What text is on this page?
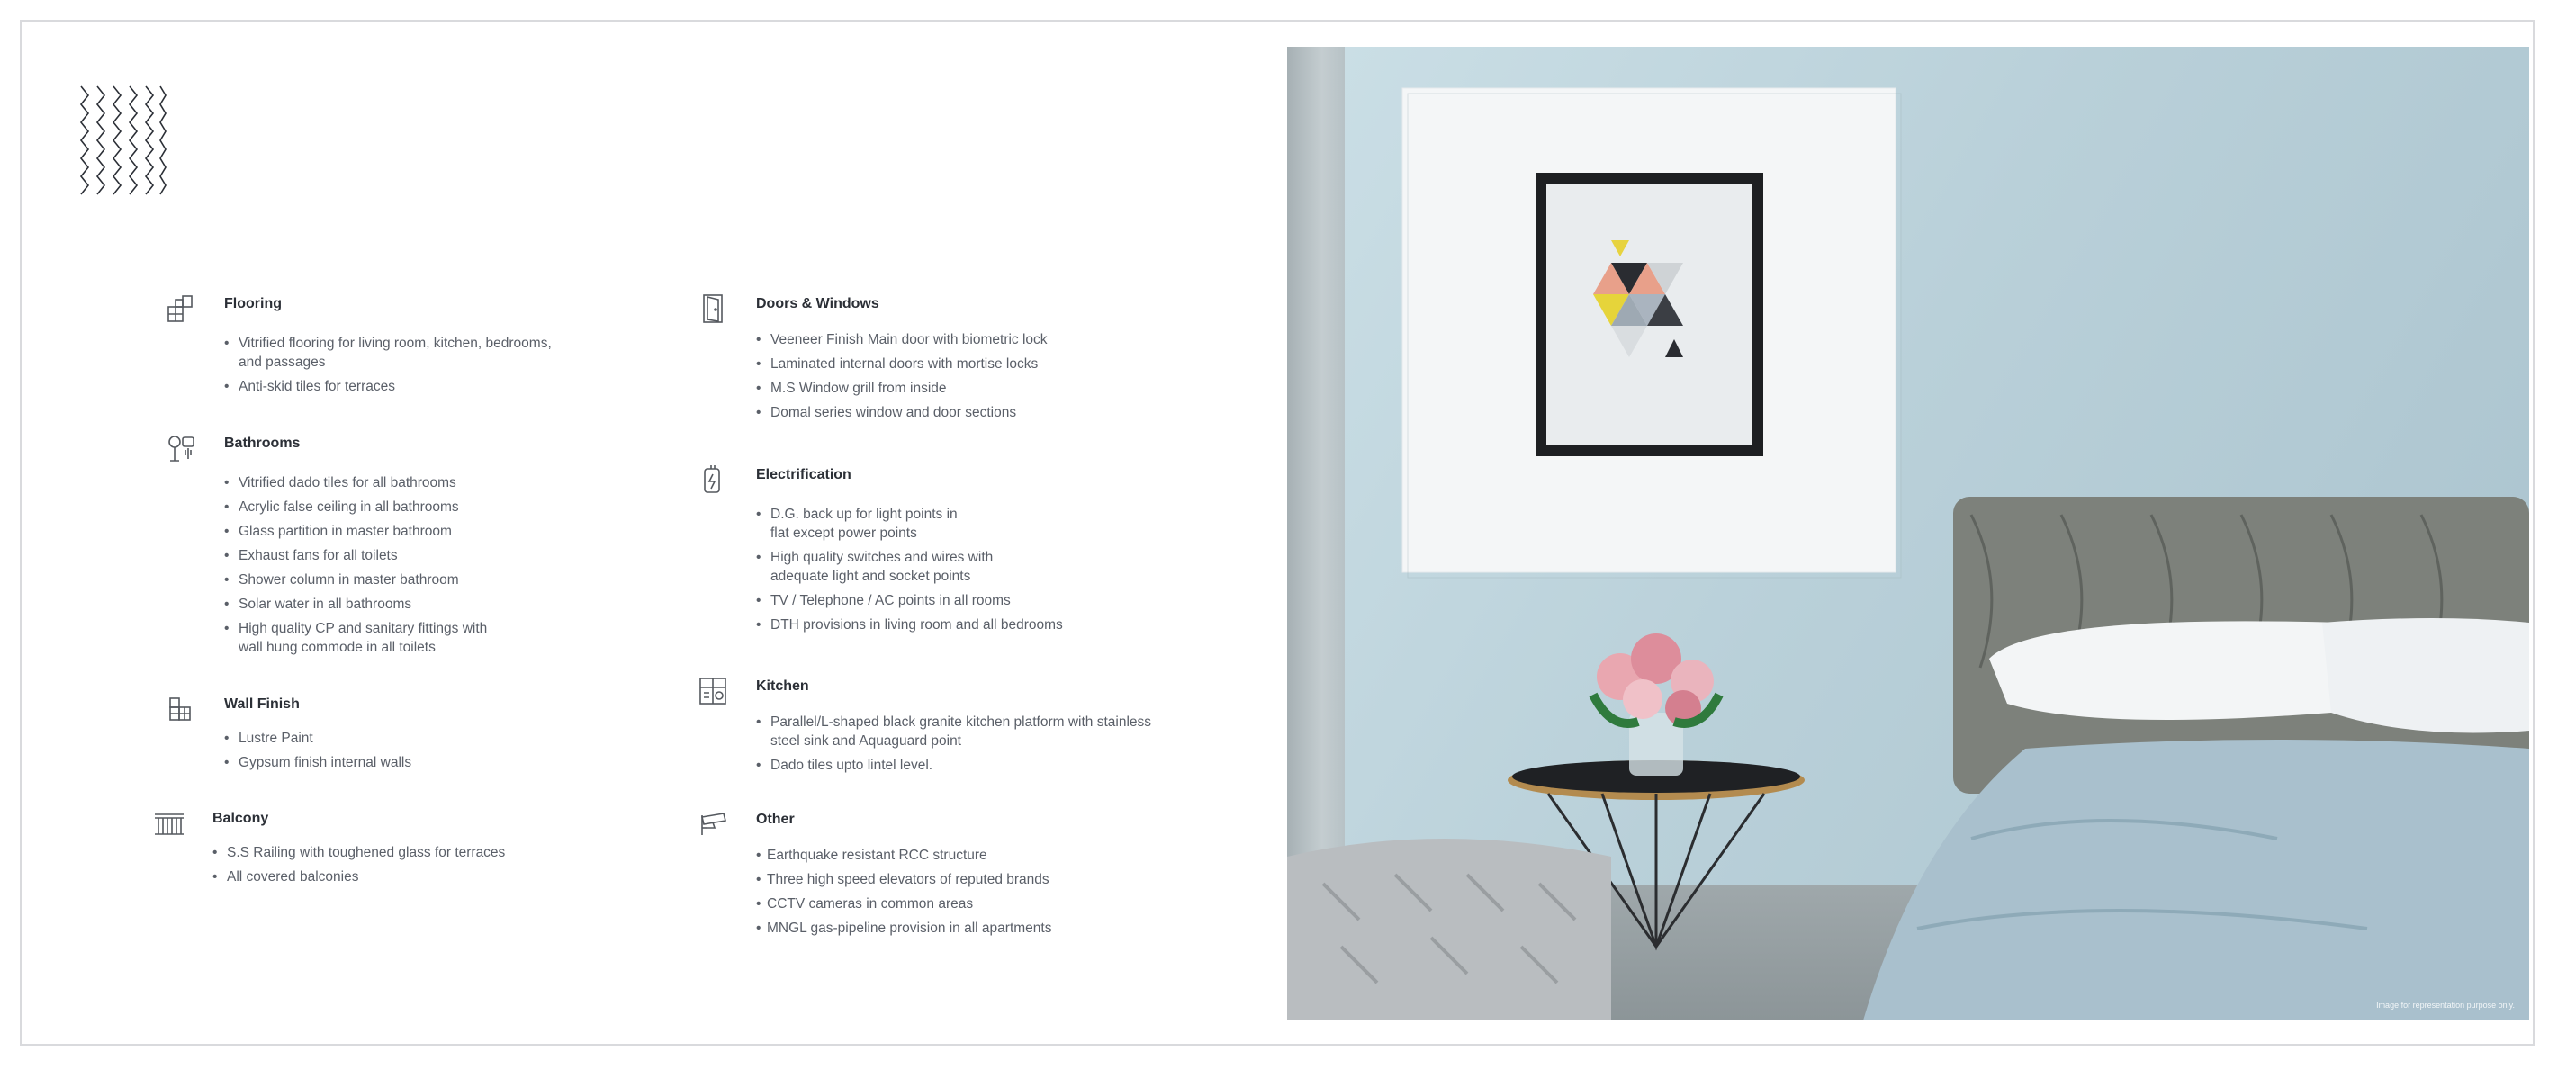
Flooring
• Vitrified flooring for living room, kitchen, bedrooms,
and passages
• Anti-skid tiles for terraces
Bathrooms
• Vitrified dado tiles for all bathrooms
• Acrylic false ceiling in all bathrooms
• Glass partition in master bathroom
• Exhaust fans for all toilets
• Shower column in master bathroom
• Solar water in all bathrooms
• High quality CP and sanitary fittings with
wall hung commode in all toilets
Wall Finish
• Lustre Paint
• Gypsum finish internal walls
Balcony
• S.S Railing with toughened glass for terraces
• All covered balconies
Doors & Windows
• Veeneer Finish Main door with biometric lock
• Laminated internal doors with mortise locks
• M.S Window grill from inside
• Domal series window and door sections
Electrification
• D.G. back up for light points in
flat except power points
• High quality switches and wires with
adequate light and socket points
• TV / Telephone / AC points in all rooms
• DTH provisions in living room and all bedrooms
Kitchen
• Parallel/L-shaped black granite kitchen platform with stainless
steel sink and Aquaguard point
• Dado tiles upto lintel level.
Other
• Earthquake resistant RCC structure
• Three high speed elevators of reputed brands
• CCTV cameras in common areas
• MNGL gas-pipeline provision in all apartments
Image for representation purpose only.
